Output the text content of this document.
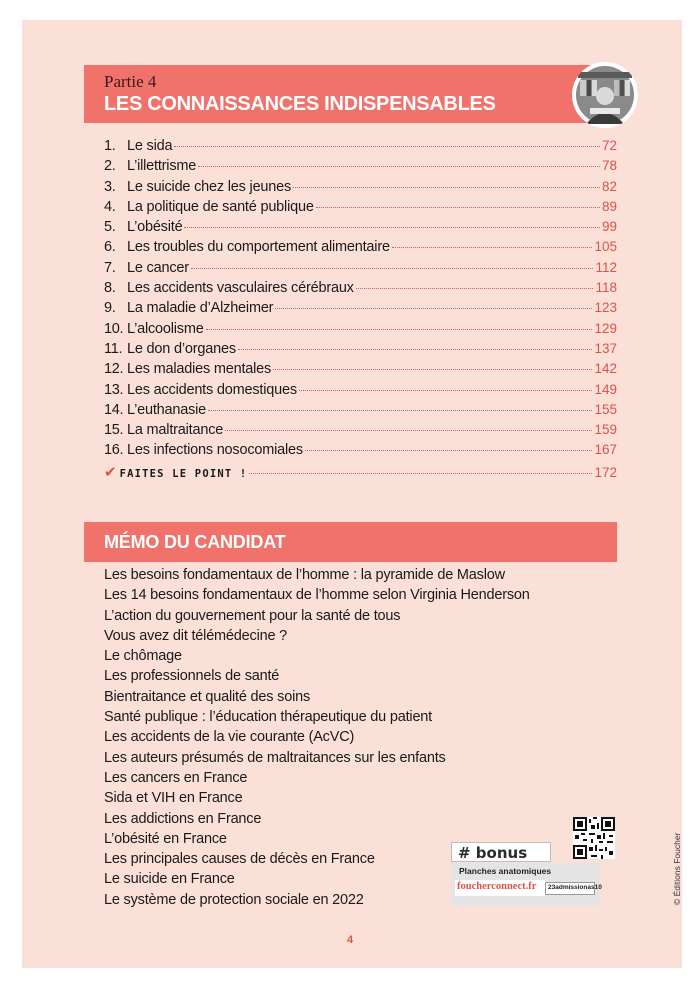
Partie 4
LES CONNAISSANCES INDISPENSABLES
1. Le sida	72
2. L’illettrisme	78
3. Le suicide chez les jeunes	82
4. La politique de santé publique	89
5. L’obésité	99
6. Les troubles du comportement alimentaire	105
7. Le cancer	112
8. Les accidents vasculaires cérébraux	118
9. La maladie d’Alzheimer	123
10. L’alcoolisme	129
11. Le don d’organes	137
12. Les maladies mentales	142
13. Les accidents domestiques	149
14. L’euthanasie	155
15. La maltraitance	159
16. Les infections nosocomiales	167
✔ FAITES LE POINT !	172
MÉMO DU CANDIDAT
Les besoins fondamentaux de l’homme : la pyramide de Maslow
Les 14 besoins fondamentaux de l’homme selon Virginia Henderson
L’action du gouvernement pour la santé de tous
Vous avez dit télémédecine ?
Le chômage
Les professionnels de santé
Bientraitance et qualité des soins
Santé publique : l’éducation thérapeutique du patient
Les accidents de la vie courante (AcVC)
Les auteurs présumés de maltraitances sur les enfants
Les cancers en France
Sida et VIH en France
Les addictions en France
L’obésité en France
Les principales causes de décès en France
Le suicide en France
Le système de protection sociale en 2022
# bonus
Planches anatomiques
foucherconnect.fr 23admissionas10	© Éditions Foucher
4
